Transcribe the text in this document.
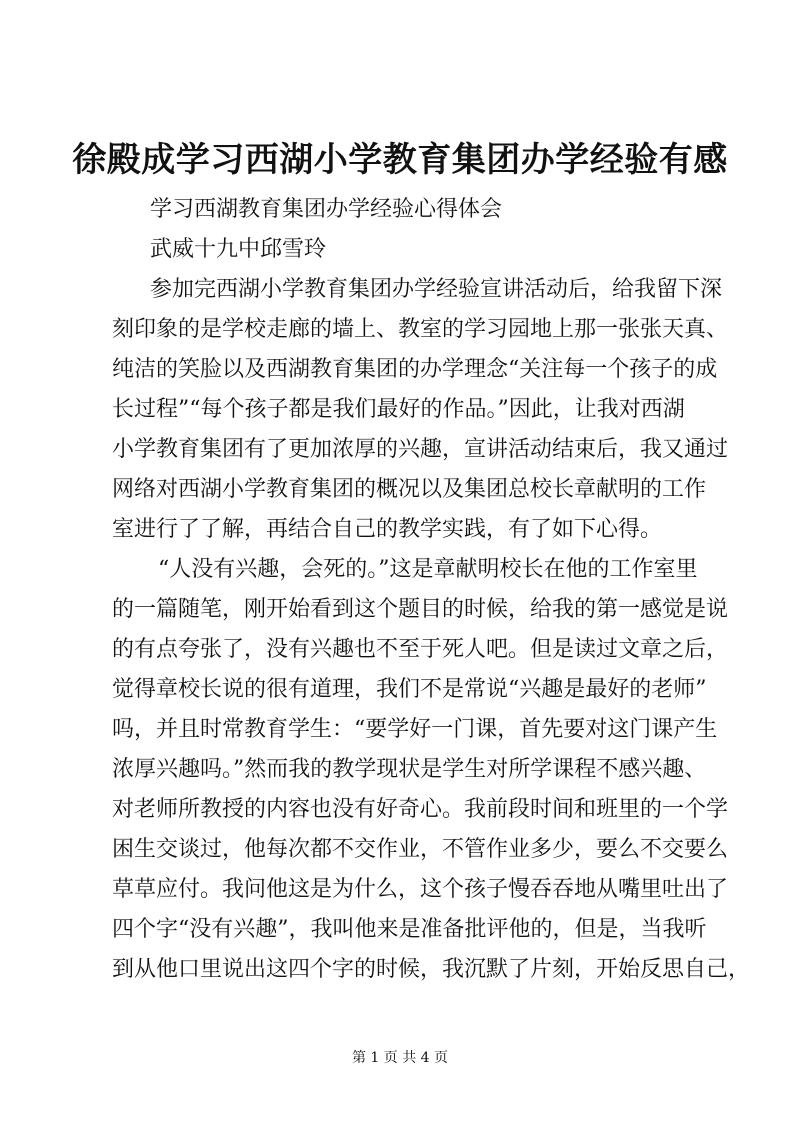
徐殿成学习西湖小学教育集团办学经验有感

学习西湖教育集团办学经验心得体会

武威十九中邱雪玲

参加完西湖小学教育集团办学经验宣讲活动后，给我留下深

刻印象的是学校走廊的墙上、教室的学习园地上那一张张天真、

纯洁的笑脸以及西湖教育集团的办学理念“关注每一个孩子的成

长过程”“每个孩子都是我们最好的作品。”因此，让我对西湖

小学教育集团有了更加浓厚的兴趣，宣讲活动结束后，我又通过

网络对西湖小学教育集团的概况以及集团总校长章献明的工作

室进行了了解，再结合自己的教学实践，有了如下心得。

“人没有兴趣，会死的。”这是章献明校长在他的工作室里

的一篇随笔，刚开始看到这个题目的时候，给我的第一感觉是说

的有点夸张了，没有兴趣也不至于死人吧。但是读过文章之后，

觉得章校长说的很有道理，我们不是常说“兴趣是最好的老师”

吗，并且时常教育学生：“要学好一门课，首先要对这门课产生

浓厚兴趣吗。”然而我的教学现状是学生对所学课程不感兴趣、

对老师所教授的内容也没有好奇心。我前段时间和班里的一个学

困生交谈过，他每次都不交作业，不管作业多少，要么不交要么

草草应付。我问他这是为什么，这个孩子慢吞吞地从嘴里吐出了

四个字“没有兴趣”，我叫他来是准备批评他的，但是，当我听

到从他口里说出这四个字的时候，我沉默了片刻，开始反思自己，

第 1 页 共 4 页
